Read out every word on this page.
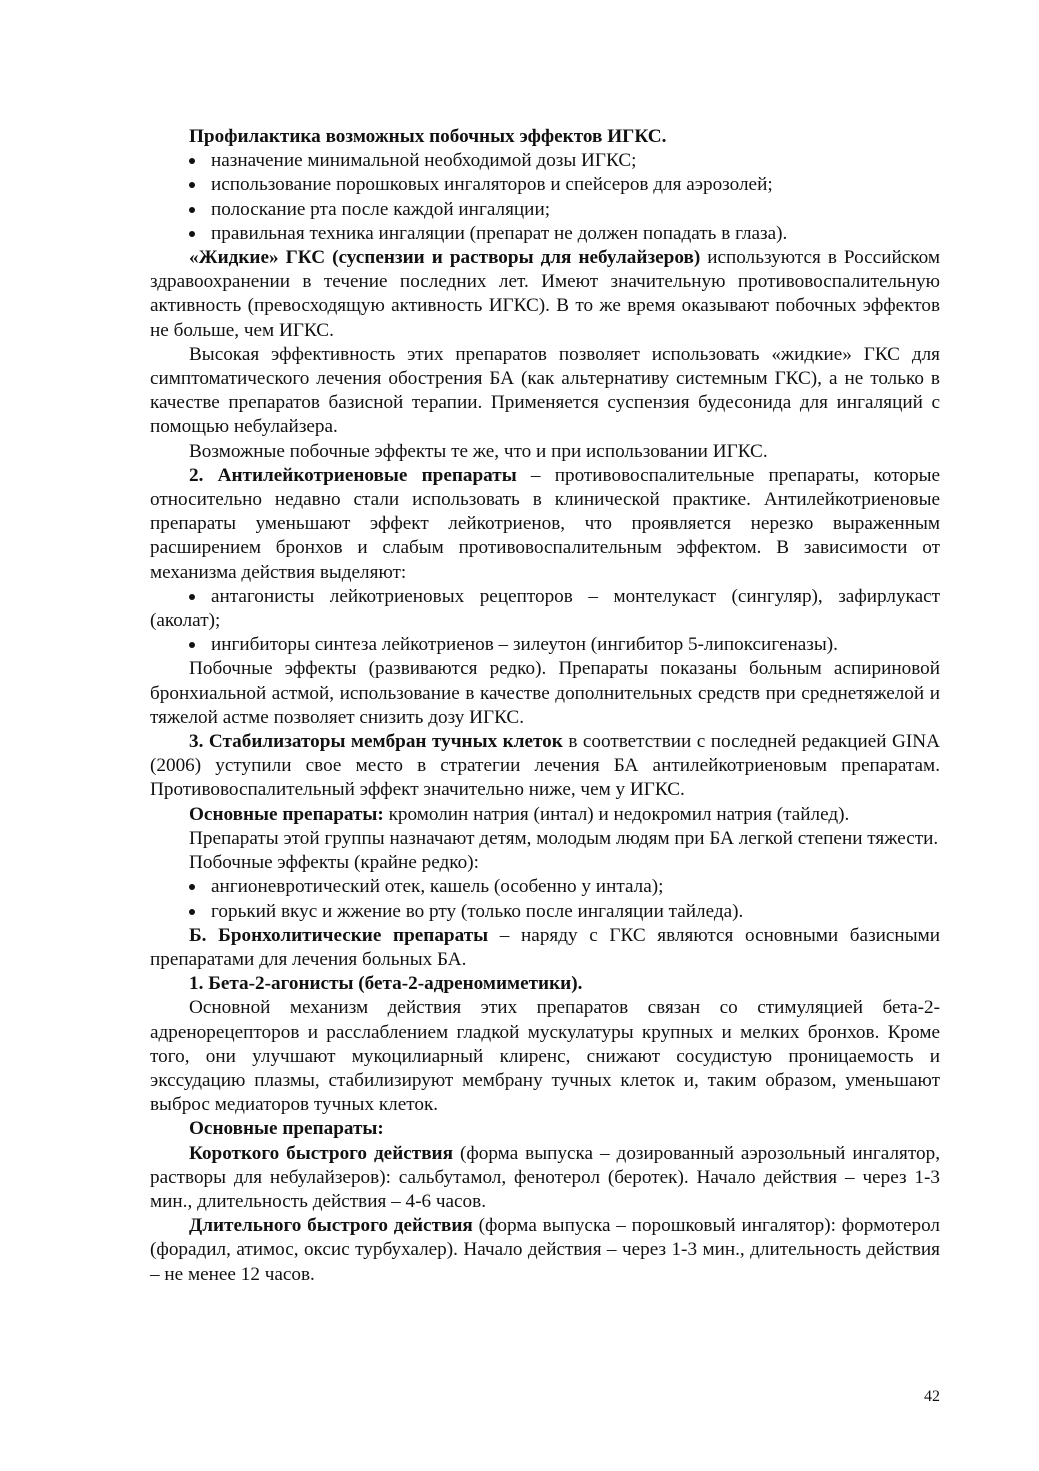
Профилактика возможных побочных эффектов ИГКС.

назначение минимальной необходимой дозы ИГКС;
использование порошковых ингаляторов и спейсеров для аэрозолей;
полоскание рта после каждой ингаляции;
правильная техника ингаляции (препарат не должен попадать в глаза).

«Жидкие» ГКС (суспензии и растворы для небулайзеров) используются в Российском здравоохранении в течение последних лет. Имеют значительную противовоспалительную активность (превосходящую активность ИГКС). В то же время оказывают побочных эффектов не больше, чем ИГКС.

Высокая эффективность этих препаратов позволяет использовать «жидкие» ГКС для симптоматического лечения обострения БА (как альтернативу системным ГКС), а не только в качестве препаратов базисной терапии. Применяется суспензия будесонида для ингаляций с помощью небулайзера.

Возможные побочные эффекты те же, что и при использовании ИГКС.

2. Антилейкотриеновые препараты – противовоспалительные препараты, которые относительно недавно стали использовать в клинической практике. Антилейкотриеновые препараты уменьшают эффект лейкотриенов, что проявляется нерезко выраженным расширением бронхов и слабым противовоспалительным эффектом. В зависимости от механизма действия выделяют:

антагонисты лейкотриеновых рецепторов – монтелукаст (сингуляр), зафирлукаст (аколат);
ингибиторы синтеза лейкотриенов – зилеутон (ингибитор 5-липоксигеназы).

Побочные эффекты (развиваются редко). Препараты показаны больным аспириновой бронхиальной астмой, использование в качестве дополнительных средств при среднетяжелой и тяжелой астме позволяет снизить дозу ИГКС.

3. Стабилизаторы мембран тучных клеток в соответствии с последней редакцией GINA (2006) уступили свое место в стратегии лечения БА антилейкотриеновым препаратам. Противовоспалительный эффект значительно ниже, чем у ИГКС.

Основные препараты: кромолин натрия (интал) и недокромил натрия (тайлед).

Препараты этой группы назначают детям, молодым людям при БА легкой степени тяжести.

Побочные эффекты (крайне редко):

ангионевротический отек, кашель (особенно у интала);
горький вкус и жжение во рту (только после ингаляции тайледа).

Б. Бронхолитические препараты – наряду с ГКС являются основными базисными препаратами для лечения больных БА.

1. Бета-2-агонисты (бета-2-адреномиметики).

Основной механизм действия этих препаратов связан со стимуляцией бета-2-адренорецепторов и расслаблением гладкой мускулатуры крупных и мелких бронхов. Кроме того, они улучшают мукоцилиарный клиренс, снижают сосудистую проницаемость и экссудацию плазмы, стабилизируют мембрану тучных клеток и, таким образом, уменьшают выброс медиаторов тучных клеток.

Основные препараты:

Короткого быстрого действия (форма выпуска – дозированный аэрозольный ингалятор, растворы для небулайзеров): сальбутамол, фенотерол (беротек). Начало действия – через 1-3 мин., длительность действия – 4-6 часов.

Длительного быстрого действия (форма выпуска – порошковый ингалятор): формотерол (форадил, атимос, оксис турбухалер). Начало действия – через 1-3 мин., длительность действия – не менее 12 часов.

42
